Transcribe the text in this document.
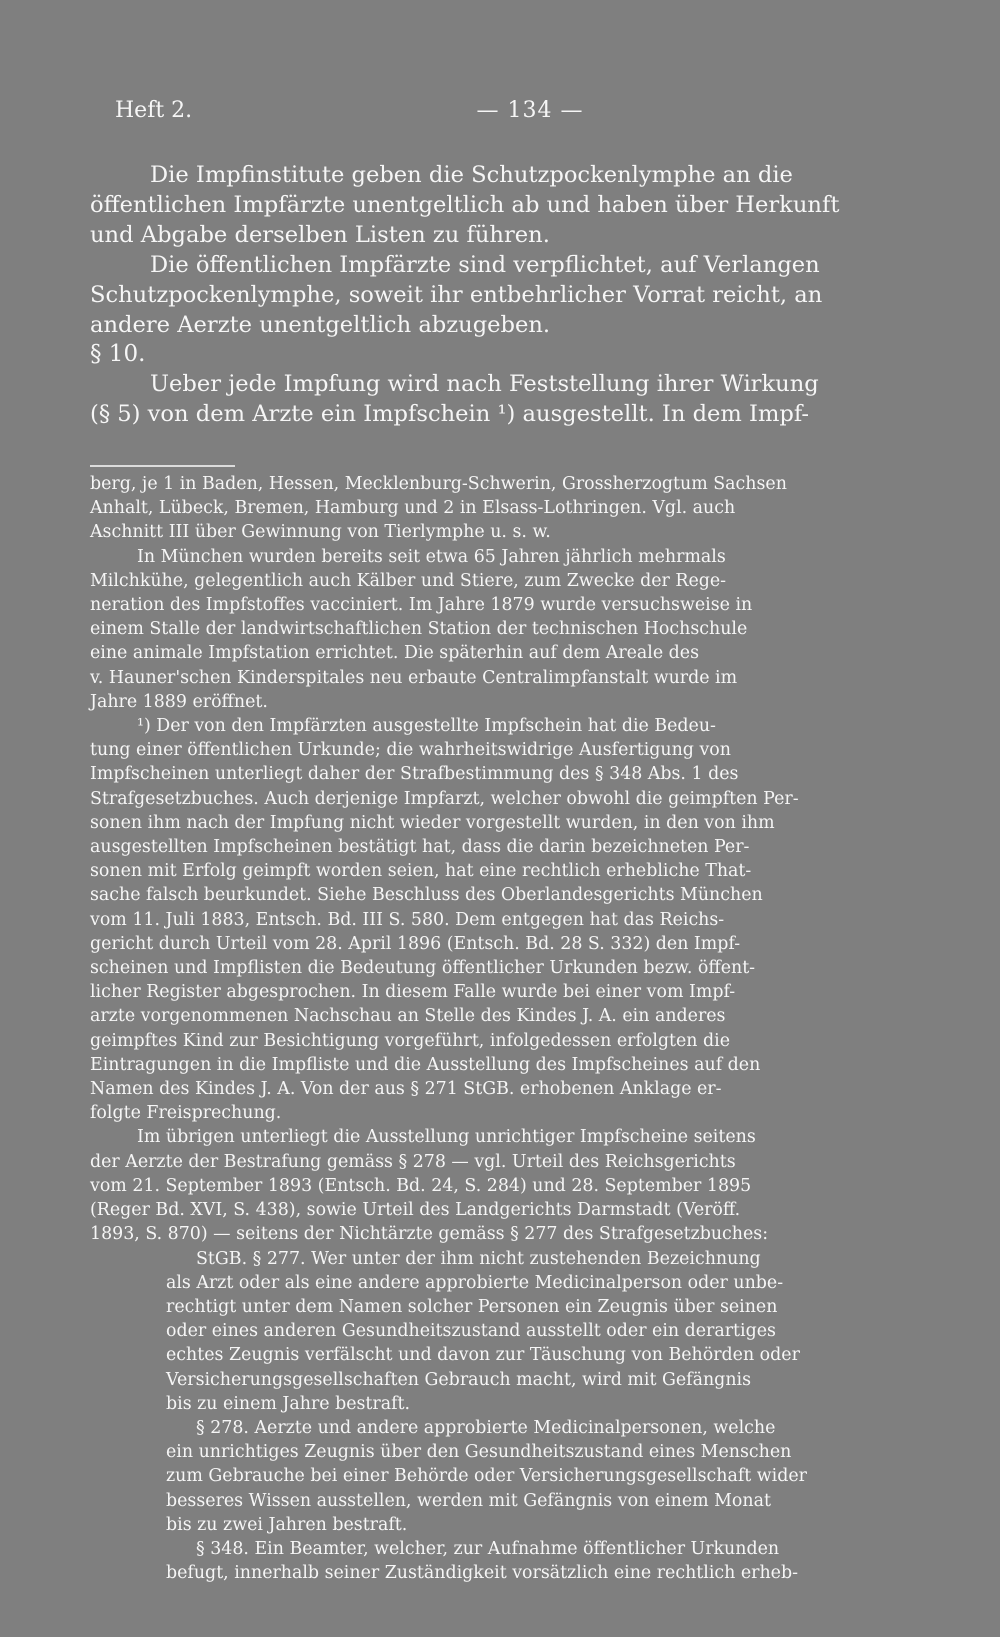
Heft 2.	— 134 —

Die Impfinstitute geben die Schutzpockenlymphe an die
öffentlichen Impfärzte unentgeltlich ab und haben über Herkunft
und Abgabe derselben Listen zu führen.

Die öffentlichen Impfärzte sind verpflichtet, auf Verlangen
Schutzpockenlymphe, soweit ihr entbehrlicher Vorrat reicht, an
andere Aerzte unentgeltlich abzugeben.

§ 10.

Ueber jede Impfung wird nach Feststellung ihrer Wirkung
(§ 5) von dem Arzte ein Impfschein ¹) ausgestellt. In dem Impf-

berg, je 1 in Baden, Hessen, Mecklenburg-Schwerin, Grossherzogtum Sachsen
Anhalt, Lübeck, Bremen, Hamburg und 2 in Elsass-Lothringen. Vgl. auch
Aschnitt III über Gewinnung von Tierlymphe u. s. w.

In München wurden bereits seit etwa 65 Jahren jährlich mehrmals
Milchkühe, gelegentlich auch Kälber und Stiere, zum Zwecke der Rege-
neration des Impfstoffes vacciniert. Im Jahre 1879 wurde versuchsweise in
einem Stalle der landwirtschaftlichen Station der technischen Hochschule
eine animale Impfstation errichtet. Die späterhin auf dem Areale des
v. Hauner'schen Kinderspitales neu erbaute Centralimpfanstalt wurde im
Jahre 1889 eröffnet.

¹) Der von den Impfärzten ausgestellte Impfschein hat die Bedeu-
tung einer öffentlichen Urkunde; die wahrheitswidrige Ausfertigung von
Impfscheinen unterliegt daher der Strafbestimmung des § 348 Abs. 1 des
Strafgesetzbuches. Auch derjenige Impfarzt, welcher obwohl die geimpften Per-
sonen ihm nach der Impfung nicht wieder vorgestellt wurden, in den von ihm
ausgestellten Impfscheinen bestätigt hat, dass die darin bezeichneten Per-
sonen mit Erfolg geimpft worden seien, hat eine rechtlich erhebliche That-
sache falsch beurkundet. Siehe Beschluss des Oberlandesgerichts München
vom 11. Juli 1883, Entsch. Bd. III S. 580. Dem entgegen hat das Reichs-
gericht durch Urteil vom 28. April 1896 (Entsch. Bd. 28 S. 332) den Impf-
scheinen und Impflisten die Bedeutung öffentlicher Urkunden bezw. öffent-
licher Register abgesprochen. In diesem Falle wurde bei einer vom Impf-
arzte vorgenommenen Nachschau an Stelle des Kindes J. A. ein anderes
geimpftes Kind zur Besichtigung vorgeführt, infolgedessen erfolgten die
Eintragungen in die Impfliste und die Ausstellung des Impfscheines auf den
Namen des Kindes J. A. Von der aus § 271 StGB. erhobenen Anklage er-
folgte Freisprechung.

Im übrigen unterliegt die Ausstellung unrichtiger Impfscheine seitens
der Aerzte der Bestrafung gemäss § 278 — vgl. Urteil des Reichsgerichts
vom 21. September 1893 (Entsch. Bd. 24, S. 284) und 28. September 1895
(Reger Bd. XVI, S. 438), sowie Urteil des Landgerichts Darmstadt (Veröff.
1893, S. 870) — seitens der Nichtärzte gemäss § 277 des Strafgesetzbuches:

StGB. § 277. Wer unter der ihm nicht zustehenden Bezeichnung
als Arzt oder als eine andere approbierte Medicinalperson oder unbe-
rechtigt unter dem Namen solcher Personen ein Zeugnis über seinen
oder eines anderen Gesundheitszustand ausstellt oder ein derartiges
echtes Zeugnis verfälscht und davon zur Täuschung von Behörden oder
Versicherungsgesellschaften Gebrauch macht, wird mit Gefängnis
bis zu einem Jahre bestraft.

§ 278. Aerzte und andere approbierte Medicinalpersonen, welche
ein unrichtiges Zeugnis über den Gesundheitszustand eines Menschen
zum Gebrauche bei einer Behörde oder Versicherungsgesellschaft wider
besseres Wissen ausstellen, werden mit Gefängnis von einem Monat
bis zu zwei Jahren bestraft.

§ 348. Ein Beamter, welcher, zur Aufnahme öffentlicher Urkunden
befugt, innerhalb seiner Zuständigkeit vorsätzlich eine rechtlich erheb-
